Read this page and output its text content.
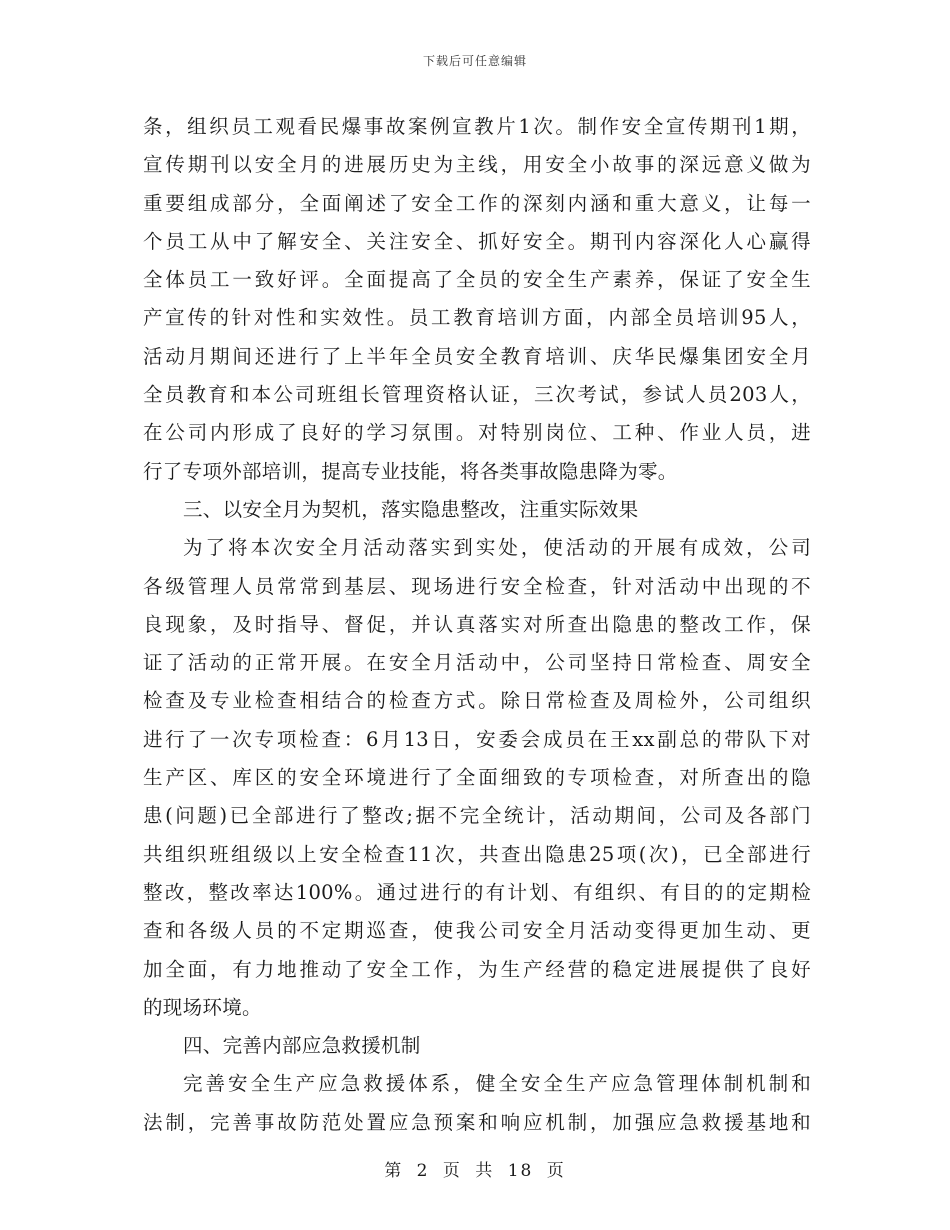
下载后可任意编辑
条，组织员工观看民爆事故案例宣教片1次。制作安全宣传期刊1期，
宣传期刊以安全月的进展历史为主线，用安全小故事的深远意义做为
重要组成部分，全面阐述了安全工作的深刻内涵和重大意义，让每一
个员工从中了解安全、关注安全、抓好安全。期刊内容深化人心赢得
全体员工一致好评。全面提高了全员的安全生产素养，保证了安全生
产宣传的针对性和实效性。员工教育培训方面，内部全员培训95人，
活动月期间还进行了上半年全员安全教育培训、庆华民爆集团安全月
全员教育和本公司班组长管理资格认证，三次考试，参试人员203人，
在公司内形成了良好的学习氛围。对特别岗位、工种、作业人员，进
行了专项外部培训，提高专业技能，将各类事故隐患降为零。
三、以安全月为契机，落实隐患整改，注重实际效果
为了将本次安全月活动落实到实处，使活动的开展有成效，公司
各级管理人员常常到基层、现场进行安全检查，针对活动中出现的不
良现象，及时指导、督促，并认真落实对所查出隐患的整改工作，保
证了活动的正常开展。在安全月活动中，公司坚持日常检查、周安全
检查及专业检查相结合的检查方式。除日常检查及周检外，公司组织
进行了一次专项检查：6月13日，安委会成员在王xx副总的带队下对
生产区、库区的安全环境进行了全面细致的专项检查，对所查出的隐
患(问题)已全部进行了整改;据不完全统计，活动期间，公司及各部门
共组织班组级以上安全检查11次，共查出隐患25项(次)，已全部进行
整改，整改率达100%。通过进行的有计划、有组织、有目的的定期检
查和各级人员的不定期巡查，使我公司安全月活动变得更加生动、更
加全面，有力地推动了安全工作，为生产经营的稳定进展提供了良好
的现场环境。
四、完善内部应急救援机制
完善安全生产应急救援体系，健全安全生产应急管理体制机制和
法制，完善事故防范处置应急预案和响应机制，加强应急救援基地和
第 2 页 共 18 页
